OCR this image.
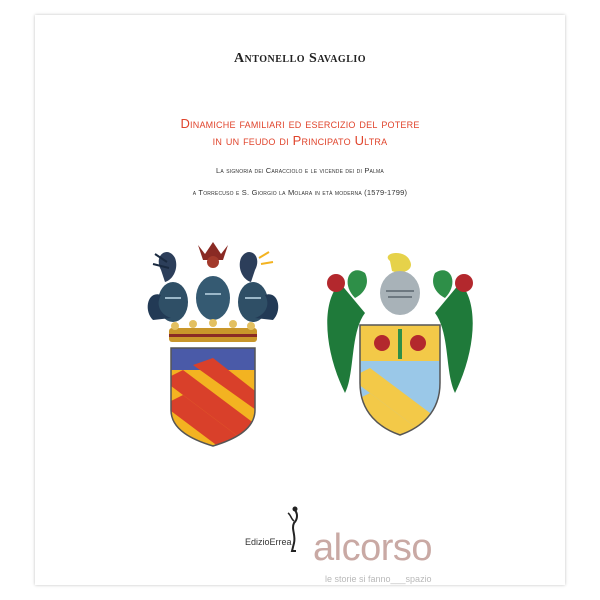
Antonello Savaglio
Dinamiche familiari ed esercizio del potere
in un feudo di Principato Ultra
La signoria dei Caracciolo e le vicende dei di Palma
a Torrecuso e S. Giorgio la Molara in età moderna (1579-1799)
EdizioErrea alcorso
le storie si fanno___spazio
